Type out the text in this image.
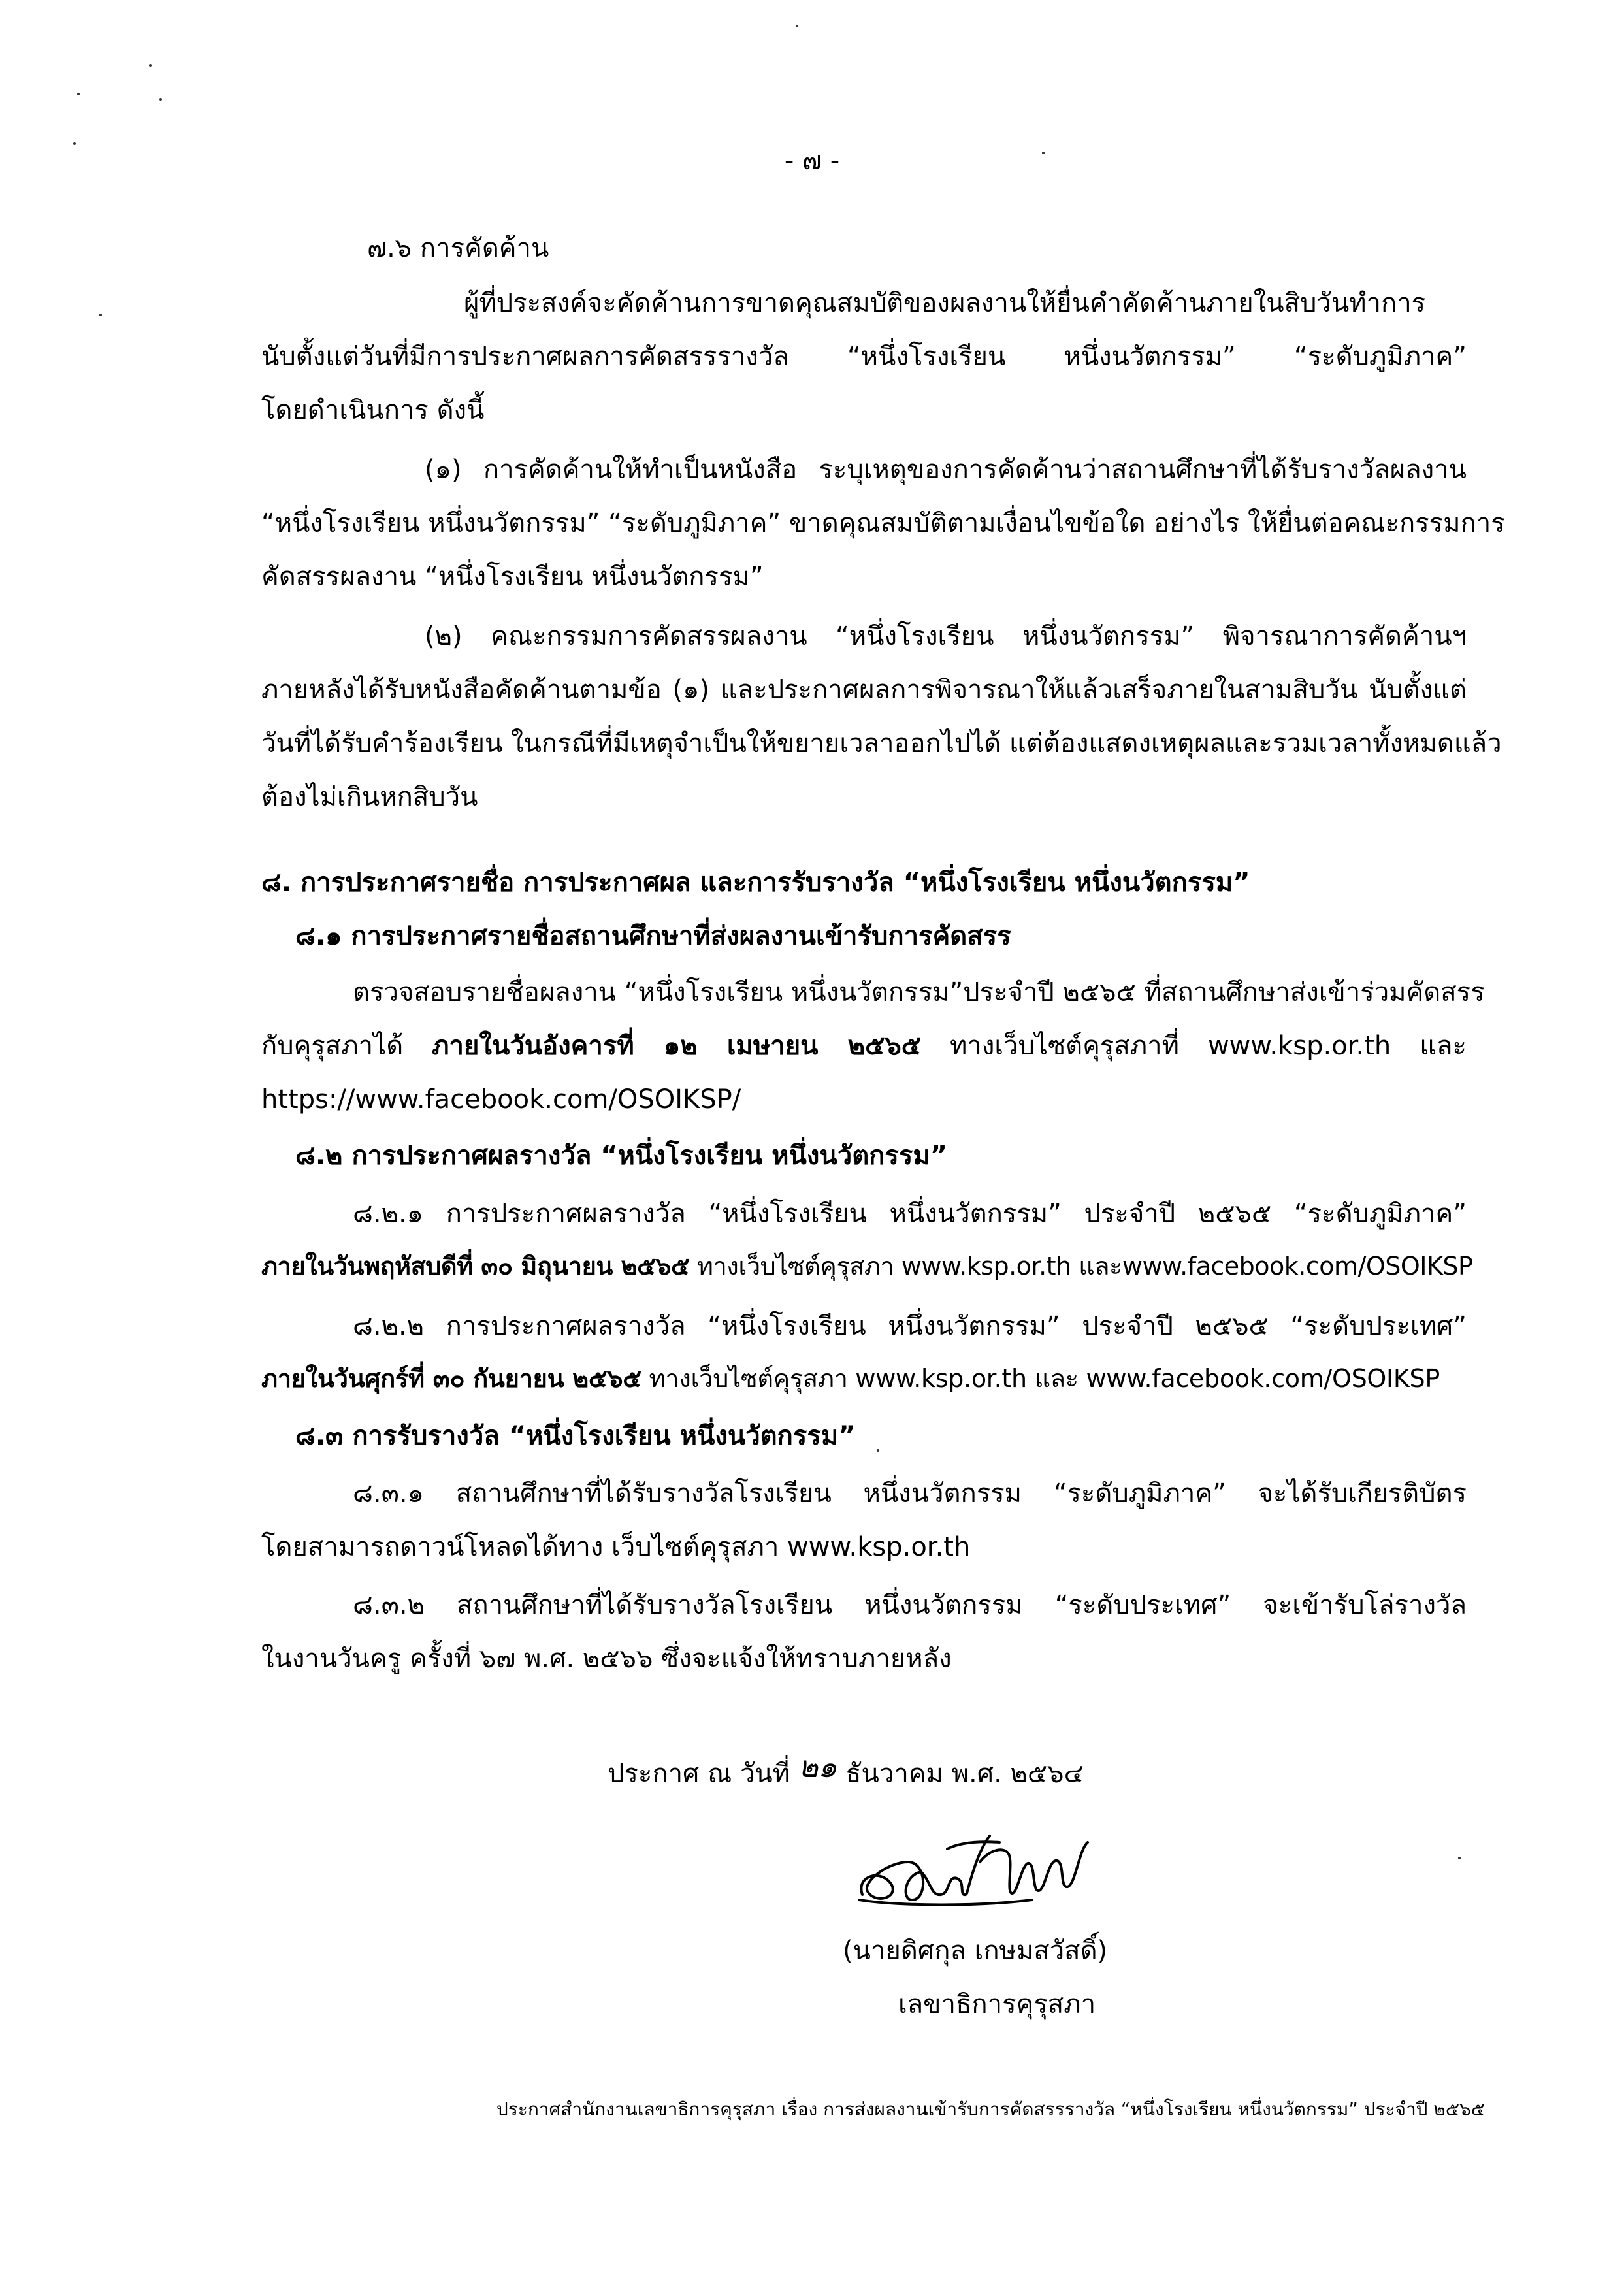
- ๗ -
๗.๖ การคัดค้าน
ผู้ที่ประสงค์จะคัดค้านการขาดคุณสมบัติของผลงานให้ยื่นคำคัดค้านภายในสิบวันทำการ
นับตั้งแต่วันที่มีการประกาศผลการคัดสรรรางวัล “หนึ่งโรงเรียน หนึ่งนวัตกรรม” “ระดับภูมิภาค”
โดยดำเนินการ ดังนี้
(๑) การคัดค้านให้ทำเป็นหนังสือ ระบุเหตุของการคัดค้านว่าสถานศึกษาที่ได้รับรางวัลผลงาน
“หนึ่งโรงเรียน หนึ่งนวัตกรรม” “ระดับภูมิภาค” ขาดคุณสมบัติตามเงื่อนไขข้อใด อย่างไร ให้ยื่นต่อคณะกรรมการ
คัดสรรผลงาน “หนึ่งโรงเรียน หนึ่งนวัตกรรม”
(๒) คณะกรรมการคัดสรรผลงาน “หนึ่งโรงเรียน หนึ่งนวัตกรรม” พิจารณาการคัดค้านฯ
ภายหลังได้รับหนังสือคัดค้านตามข้อ (๑) และประกาศผลการพิจารณาให้แล้วเสร็จภายในสามสิบวัน นับตั้งแต่
วันที่ได้รับคำร้องเรียน ในกรณีที่มีเหตุจำเป็นให้ขยายเวลาออกไปได้ แต่ต้องแสดงเหตุผลและรวมเวลาทั้งหมดแล้ว
ต้องไม่เกินหกสิบวัน
๘. การประกาศรายชื่อ การประกาศผล และการรับรางวัล “หนึ่งโรงเรียน หนึ่งนวัตกรรม”
๘.๑ การประกาศรายชื่อสถานศึกษาที่ส่งผลงานเข้ารับการคัดสรร
ตรวจสอบรายชื่อผลงาน “หนึ่งโรงเรียน หนึ่งนวัตกรรม”ประจำปี ๒๕๖๕ ที่สถานศึกษาส่งเข้าร่วมคัดสรร
กับคุรุสภาได้ ภายในวันอังคารที่ ๑๒ เมษายน ๒๕๖๕ ทางเว็บไซต์คุรุสภาที่ www.ksp.or.th และ
https://www.facebook.com/OSOIKSP/
๘.๒ การประกาศผลรางวัล “หนึ่งโรงเรียน หนึ่งนวัตกรรม”
๘.๒.๑ การประกาศผลรางวัล “หนึ่งโรงเรียน หนึ่งนวัตกรรม” ประจำปี ๒๕๖๕ “ระดับภูมิภาค”
ภายในวันพฤหัสบดีที่ ๓๐ มิถุนายน ๒๕๖๕ ทางเว็บไซต์คุรุสภา www.ksp.or.th และwww.facebook.com/OSOIKSP
๘.๒.๒ การประกาศผลรางวัล “หนึ่งโรงเรียน หนึ่งนวัตกรรม” ประจำปี ๒๕๖๕ “ระดับประเทศ”
ภายในวันศุกร์ที่ ๓๐ กันยายน ๒๕๖๕ ทางเว็บไซต์คุรุสภา www.ksp.or.th และ www.facebook.com/OSOIKSP
๘.๓ การรับรางวัล “หนึ่งโรงเรียน หนึ่งนวัตกรรม”
๘.๓.๑ สถานศึกษาที่ได้รับรางวัลโรงเรียน หนึ่งนวัตกรรม “ระดับภูมิภาค” จะได้รับเกียรติบัตร
โดยสามารถดาวน์โหลดได้ทาง เว็บไซต์คุรุสภา www.ksp.or.th
๘.๓.๒ สถานศึกษาที่ได้รับรางวัลโรงเรียน หนึ่งนวัตกรรม “ระดับประเทศ” จะเข้ารับโล่รางวัล
ในงานวันครู ครั้งที่ ๖๗ พ.ศ. ๒๕๖๖ ซึ่งจะแจ้งให้ทราบภายหลัง
ประกาศ ณ วันที่ ๒๑ ธันวาคม พ.ศ. ๒๕๖๔
(นายดิศกุล เกษมสวัสดิ์)
เลขาธิการคุรุสภา
ประกาศสำนักงานเลขาธิการคุรุสภา เรื่อง การส่งผลงานเข้ารับการคัดสรรรางวัล “หนึ่งโรงเรียน หนึ่งนวัตกรรม” ประจำปี ๒๕๖๕
